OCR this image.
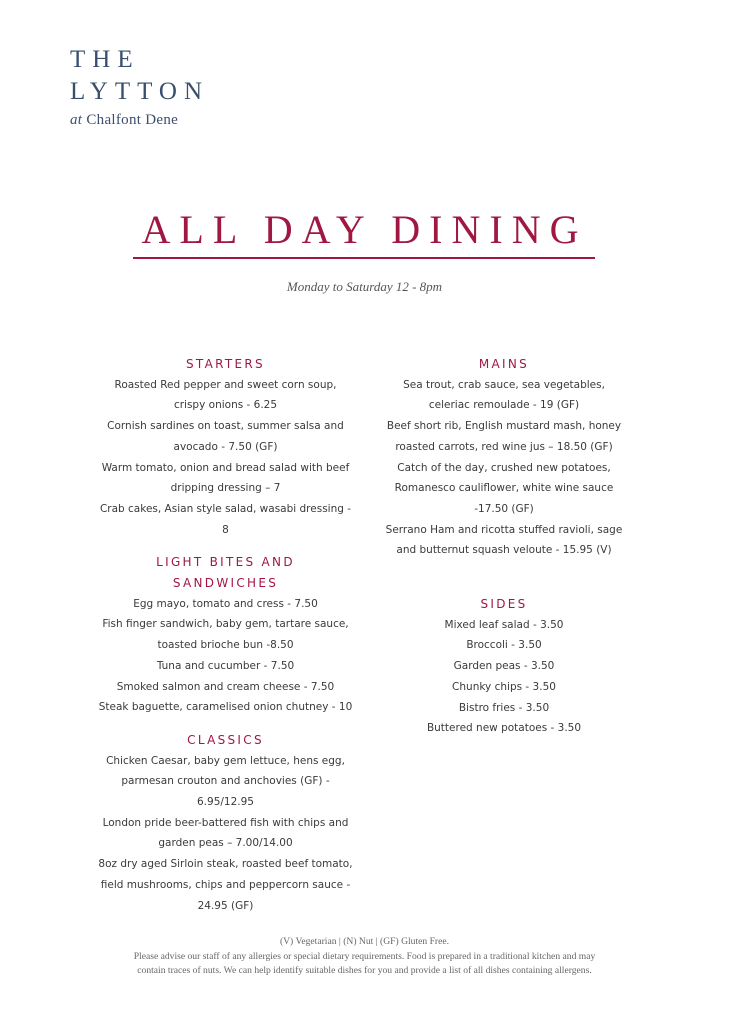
THE
LYTTON
at Chalfont Dene
ALL DAY DINING
Monday to Saturday 12 - 8pm
STARTERS
Roasted Red pepper and sweet corn soup, crispy onions - 6.25
Cornish sardines on toast, summer salsa and avocado - 7.50 (GF)
Warm tomato, onion and bread salad with beef dripping dressing – 7
Crab cakes, Asian style salad, wasabi dressing - 8
LIGHT BITES AND
SANDWICHES
Egg mayo, tomato and cress - 7.50
Fish finger sandwich, baby gem, tartare sauce, toasted brioche bun -8.50
Tuna and cucumber - 7.50
Smoked salmon and cream cheese - 7.50
Steak baguette, caramelised onion chutney - 10
CLASSICS
Chicken Caesar, baby gem lettuce, hens egg, parmesan crouton and anchovies (GF) - 6.95/12.95
London pride beer-battered fish with chips and garden peas – 7.00/14.00
8oz dry aged Sirloin steak, roasted beef tomato, field mushrooms, chips and peppercorn sauce - 24.95 (GF)
MAINS
Sea trout, crab sauce, sea vegetables, celeriac remoulade - 19 (GF)
Beef short rib, English mustard mash, honey roasted carrots, red wine jus – 18.50 (GF)
Catch of the day, crushed new potatoes, Romanesco cauliflower, white wine sauce -17.50 (GF)
Serrano Ham and ricotta stuffed ravioli, sage and butternut squash veloute - 15.95 (V)
SIDES
Mixed leaf salad - 3.50
Broccoli - 3.50
Garden peas - 3.50
Chunky chips - 3.50
Bistro fries - 3.50
Buttered new potatoes - 3.50
(V) Vegetarian | (N) Nut | (GF) Gluten Free.
Please advise our staff of any allergies or special dietary requirements. Food is prepared in a traditional kitchen and may
contain traces of nuts. We can help identify suitable dishes for you and provide a list of all dishes containing allergens.
